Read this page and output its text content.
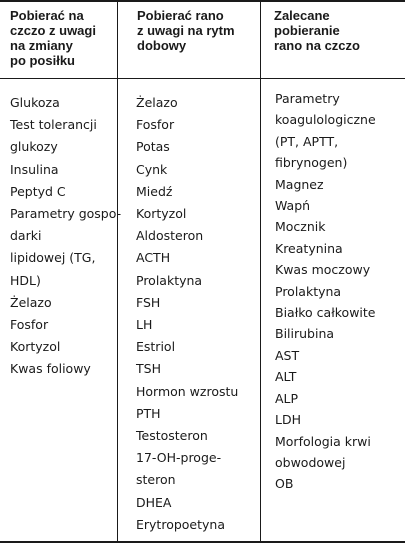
Pobierać na
czczo z uwagi
na zmiany
po posiłku
Pobierać rano
z uwagi na rytm
dobowy
Zalecane
pobieranie
rano na czczo
Glukoza
Test tolerancji
glukozy
Insulina
Peptyd C
Parametry gospo-
darki
lipidowej (TG,
HDL)
Żelazo
Fosfor
Kortyzol
Kwas foliowy
Żelazo
Fosfor
Potas
Cynk
Miedź
Kortyzol
Aldosteron
ACTH
Prolaktyna
FSH
LH
Estriol
TSH
Hormon wzrostu
PTH
Testosteron
17-OH-proge-
steron
DHEA
Erytropoetyna
Parametry
koagulologiczne
(PT, APTT,
fibrynogen)
Magnez
Wapń
Mocznik
Kreatynina
Kwas moczowy
Prolaktyna
Białko całkowite
Bilirubina
AST
ALT
ALP
LDH
Morfologia krwi
obwodowej
OB
